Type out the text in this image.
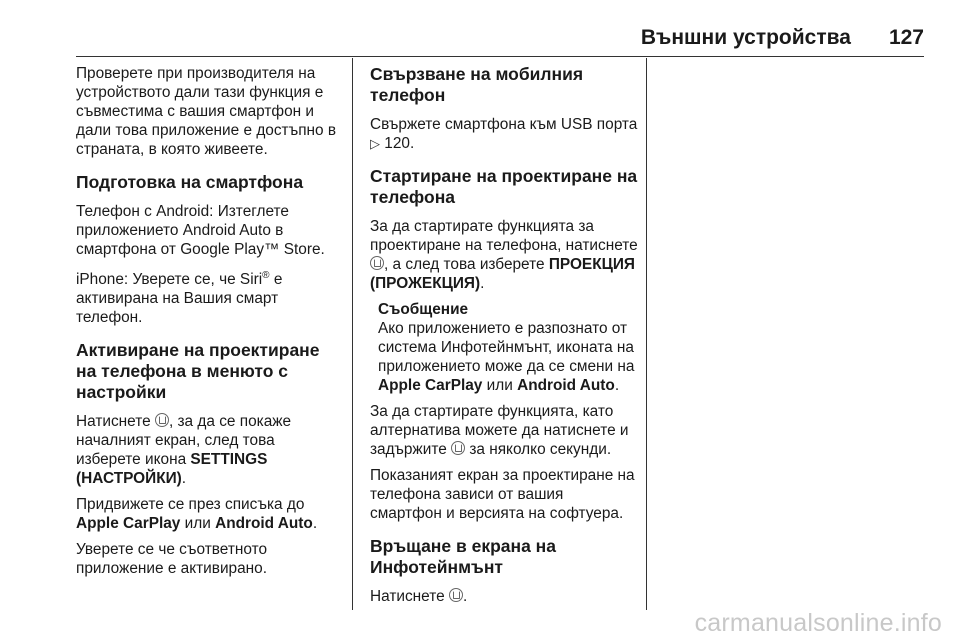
Външни устройства 127

Проверете при производителя на устройството дали тази функция е съвместима с вашия смартфон и дали това приложение е достъпно в страната, в която живеете.

Подготовка на смартфона

Телефон с Android: Изтеглете приложението Android Auto в смартфона от Google Play™ Store.

iPhone: Уверете се, че Siri® е активирана на Вашия смарт телефон.

Активиране на проектиране на телефона в менюто с настройки

Натиснете , за да се покаже началният екран, след това изберете икона SETTINGS (НАСТРОЙКИ).

Придвижете се през списъка до Apple CarPlay или Android Auto.

Уверете се че съответното приложение е активирано.

Свързване на мобилния телефон

Свържете смартфона към USB порта ▷ 120.

Стартиране на проектиране на телефона

За да стартирате функцията за проектиране на телефона, натиснете , а след това изберете ПРОЕКЦИЯ (ПРОЖЕКЦИЯ).

Съобщение

Ако приложението е разпознато от система Инфотейнмънт, иконата на приложението може да се смени на Apple CarPlay или Android Auto.

За да стартирате функцията, като алтернатива можете да натиснете и задържите  за няколко секунди.

Показаният екран за проектиране на телефона зависи от вашия смартфон и версията на софтуера.

Връщане в екрана на Инфотейнмънт

Натиснете .

carmanualsonline.info
